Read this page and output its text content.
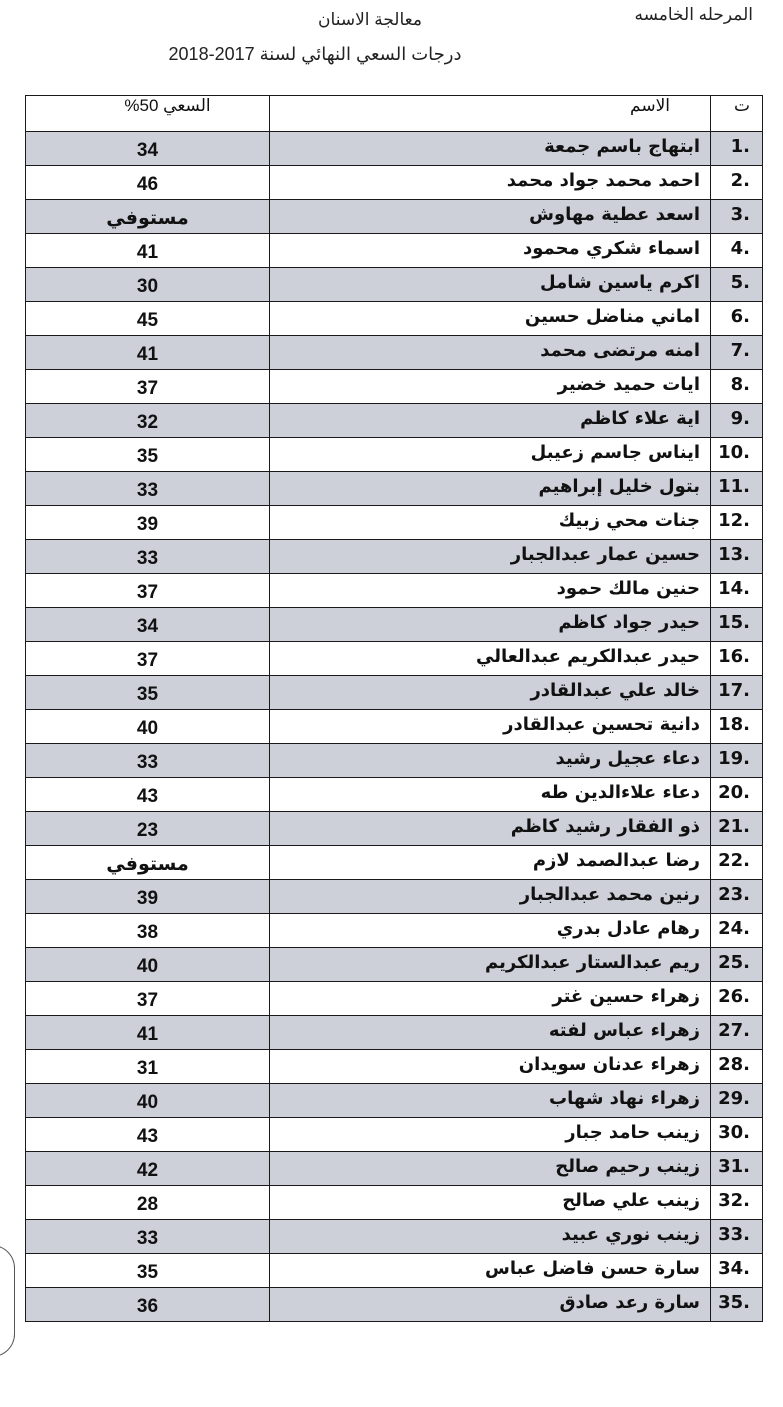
المرحله الخامسه
معالجة الاسنان
درجات السعي النهائي لسنة 2017-2018
ت	الاسم	السعي 50%
.1	ابتهاج باسم جمعة	34
.2	احمد محمد جواد محمد	46
.3	اسعد عطية مهاوش	مستوفي
.4	اسماء شكري محمود	41
.5	اكرم ياسين شامل	30
.6	اماني مناضل حسين	45
.7	امنه مرتضى محمد	41
.8	ايات حميد خضير	37
.9	اية علاء كاظم	32
.10	ايناس جاسم زعيبل	35
.11	بتول خليل إبراهيم	33
.12	جنات محي زبيك	39
.13	حسين عمار عبدالجبار	33
.14	حنين مالك حمود	37
.15	حيدر جواد كاظم	34
.16	حيدر عبدالكريم عبدالعالي	37
.17	خالد علي عبدالقادر	35
.18	دانية تحسين عبدالقادر	40
.19	دعاء عجيل رشيد	33
.20	دعاء علاءالدين طه	43
.21	ذو الفقار رشيد كاظم	23
.22	رضا عبدالصمد لازم	مستوفي
.23	رنين محمد عبدالجبار	39
.24	رهام عادل بدري	38
.25	ريم عبدالستار عبدالكريم	40
.26	زهراء حسين غتر	37
.27	زهراء عباس لفته	41
.28	زهراء عدنان سويدان	31
.29	زهراء نهاد شهاب	40
.30	زينب حامد جبار	43
.31	زينب رحيم صالح	42
.32	زينب علي صالح	28
.33	زينب نوري عبيد	33
.34	سارة حسن فاضل عباس	35
.35	سارة رعد صادق	36
